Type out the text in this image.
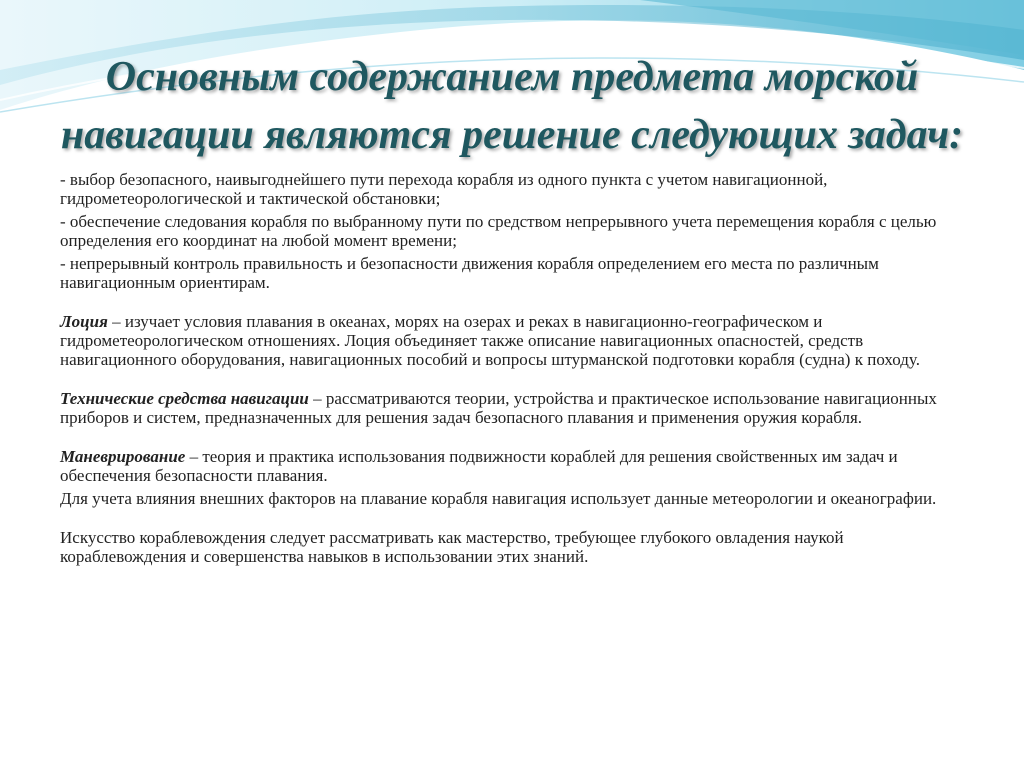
Основным содержанием предмета морской
навигации являются решение следующих задач:

- выбор безопасного, наивыгоднейшего пути перехода корабля из одного пункта с учетом навигационной, гидрометеорологической и тактической обстановки;

- обеспечение следования корабля по выбранному пути по средством непрерывного учета перемещения корабля с целью определения его координат на любой момент времени;

- непрерывный контроль правильность и безопасности движения корабля определением его места по различным навигационным ориентирам.

Лоция – изучает условия плавания в океанах, морях на озерах и реках в навигационно-географическом и гидрометеорологическом отношениях. Лоция объединяет также описание навигационных опасностей, средств навигационного оборудования, навигационных пособий и вопросы штурманской подготовки корабля (судна) к походу.

Технические средства навигации – рассматриваются теории, устройства и практическое использование навигационных приборов и систем, предназначенных для решения задач безопасного плавания и применения оружия корабля.

Маневрирование – теория и практика использования подвижности кораблей для решения свойственных им задач и обеспечения безопасности плавания.

Для учета влияния внешних факторов на плавание корабля навигация использует данные метеорологии и океанографии.

Искусство кораблевождения следует рассматривать как мастерство, требующее глубокого овладения наукой кораблевождения и совершенства навыков в использовании этих знаний.
